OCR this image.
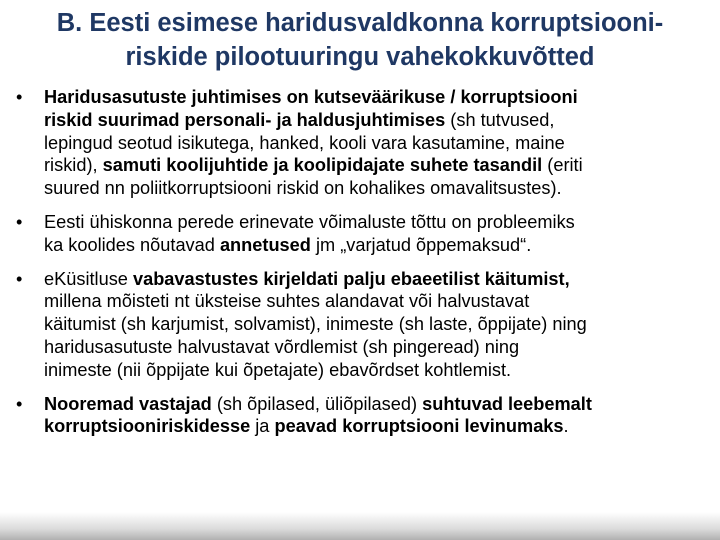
B. Eesti esimese haridusvaldkonna korruptsiooni-
riskide pilootuuringu vahekokkuvõtted
• Haridusasutuste juhtimises on kutseväärikuse / korruptsiooni
riskid suurimad personali- ja haldusjuhtimises (sh tutvused,
lepingud seotud isikutega, hanked, kooli vara kasutamine, maine
riskid), samuti koolijuhtide ja koolipidajate suhete tasandil (eriti
suured nn poliitkorruptsiooni riskid on kohalikes omavalitsustes).
• Eesti ühiskonna perede erinevate võimaluste tõttu on probleemiks
ka koolides nõutavad annetused jm „varjatud õppemaksud“.
• eKüsitluse vabavastustes kirjeldati palju ebaeetilist käitumist,
millena mõisteti nt üksteise suhtes alandavat või halvustavat
käitumist (sh karjumist, solvamist), inimeste (sh laste, õppijate) ning
haridusasutuste halvustavat võrdlemist (sh pingeread) ning
inimeste (nii õppijate kui õpetajate) ebavõrdset kohtlemist.
• Nooremad vastajad (sh õpilased, üliõpilased) suhtuvad leebemalt
korruptsiooniriskidesse ja peavad korruptsiooni levinumaks.
